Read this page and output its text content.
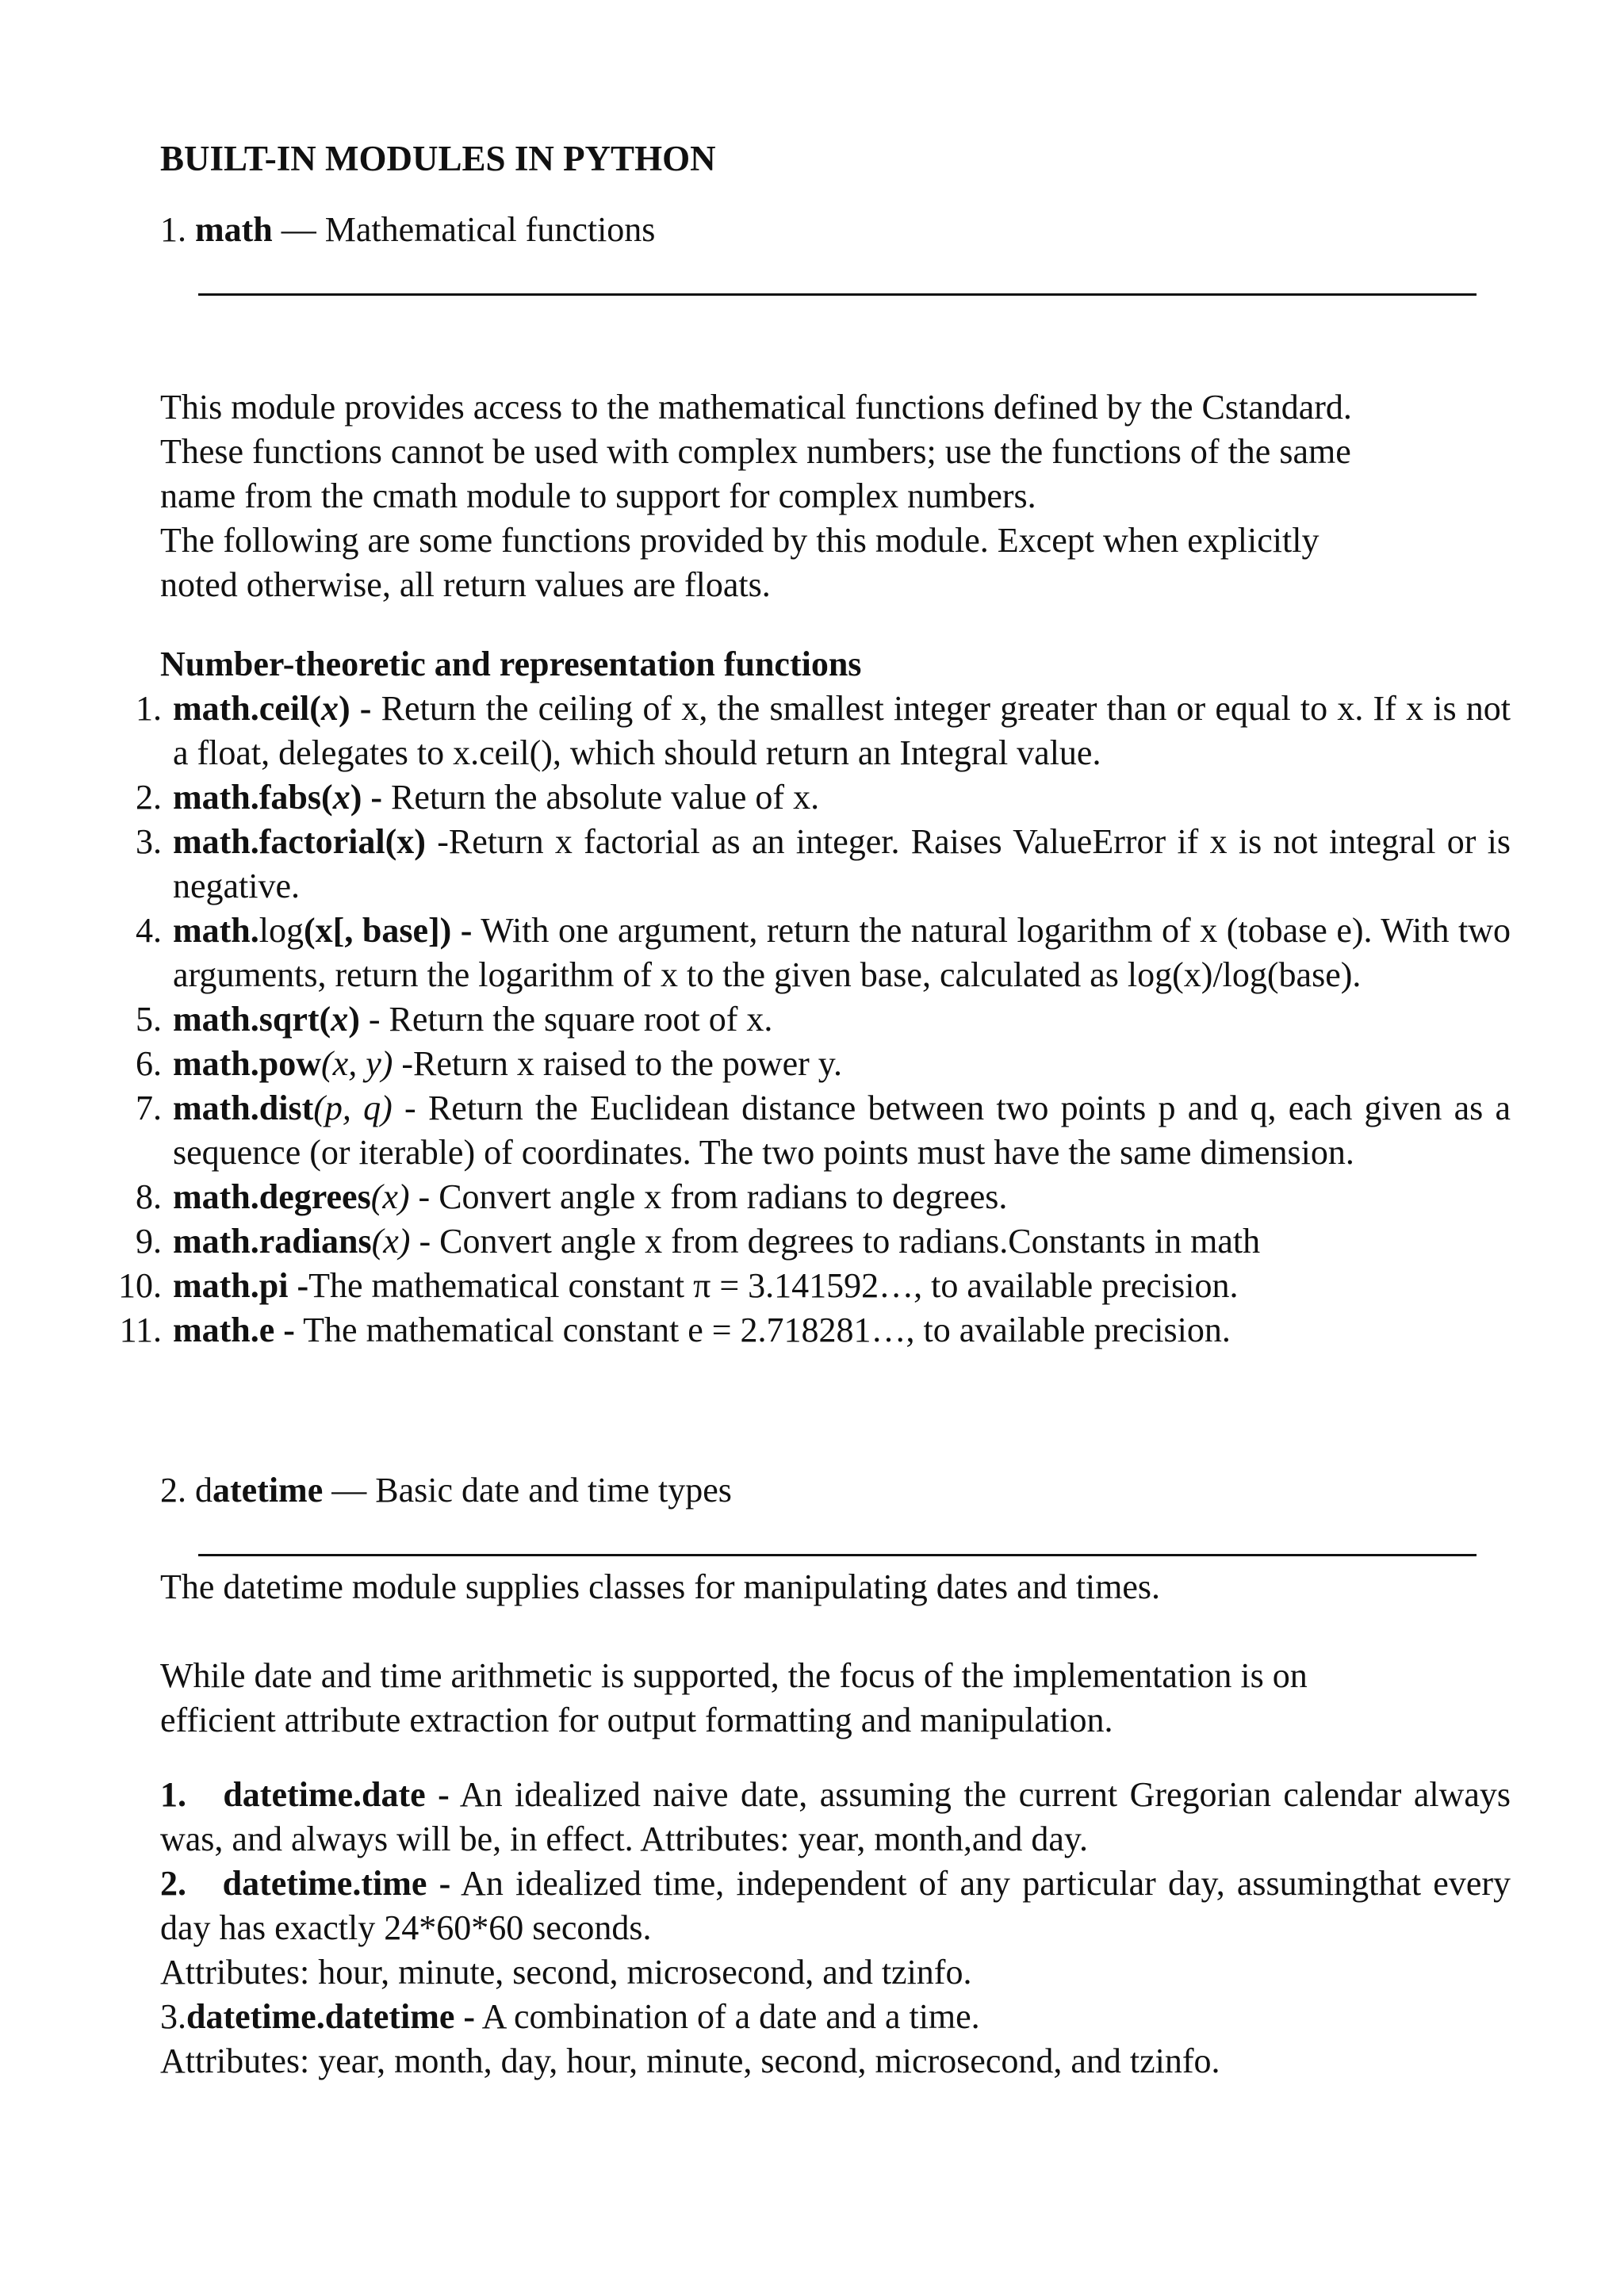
BUILT-IN MODULES IN PYTHON
1. math — Mathematical functions

This module provides access to the mathematical functions defined by the Cstandard.

These functions cannot be used with complex numbers; use the functions of the same

name from the cmath module to support for complex numbers.

The following are some functions provided by this module. Except when explicitly

noted otherwise, all return values are floats.

Number-theoretic and representation functions
1. math.ceil(x) - Return the ceiling of x, the smallest integer greater than or equal to x. If x is not a float, delegates to x.ceil(), which should return an Integral value.
2. math.fabs(x) - Return the absolute value of x.
3. math.factorial(x) -Return x factorial as an integer. Raises ValueError if x is not integral or is negative.
4. math.log(x[, base]) - With one argument, return the natural logarithm of x (tobase e). With two arguments, return the logarithm of x to the given base, calculated as log(x)/log(base).
5. math.sqrt(x) - Return the square root of x.
6. math.pow(x, y) -Return x raised to the power y.
7. math.dist(p, q) - Return the Euclidean distance between two points p and q, each given as a sequence (or iterable) of coordinates. The two points must have the same dimension.
8. math.degrees(x) - Convert angle x from radians to degrees.
9. math.radians(x) - Convert angle x from degrees to radians.Constants in math
10. math.pi -The mathematical constant π = 3.141592…, to available precision.
11. math.e - The mathematical constant e = 2.718281…, to available precision.
2. datetime — Basic date and time types
The datetime module supplies classes for manipulating dates and times.

While date and time arithmetic is supported, the focus of the implementation is on

efficient attribute extraction for output formatting and manipulation.

1. datetime.date - An idealized naive date, assuming the current Gregorian calendar always was, and always will be, in effect. Attributes: year, month,and day.

2. datetime.time - An idealized time, independent of any particular day, assumingthat every day has exactly 24*60*60 seconds.

Attributes: hour, minute, second, microsecond, and tzinfo.

3.datetime.datetime - A combination of a date and a time.

Attributes: year, month, day, hour, minute, second, microsecond, and tzinfo.
